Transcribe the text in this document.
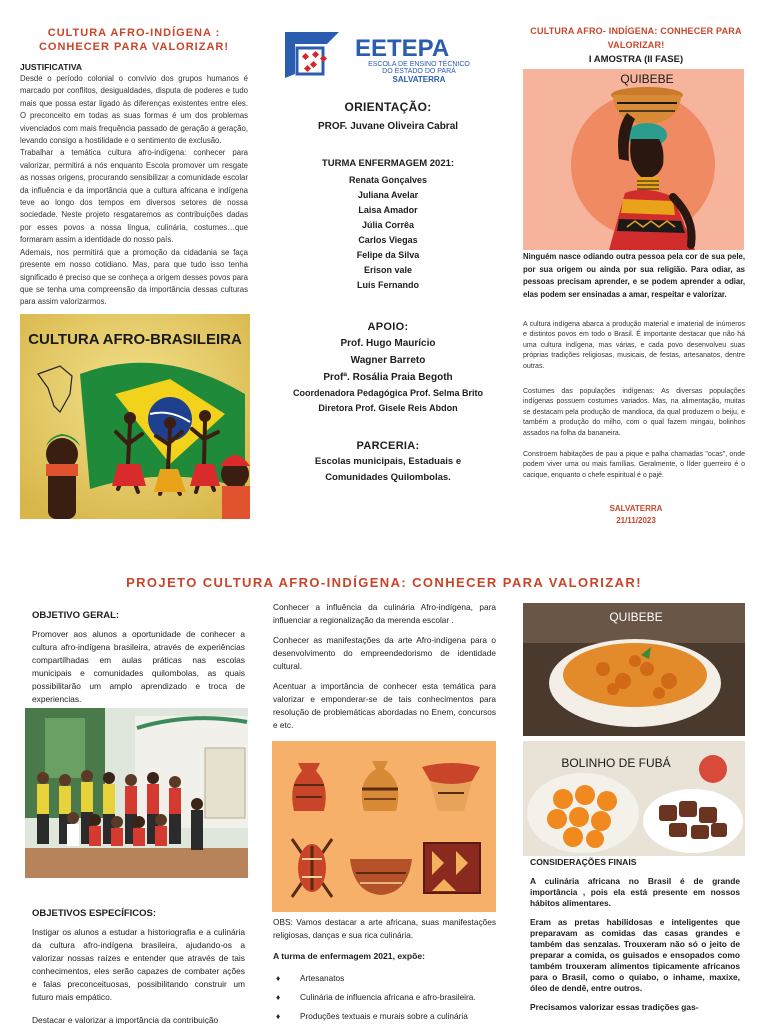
CULTURA AFRO-INDÍGENA : CONHECER PARA VALORIZAR!
JUSTIFICATIVA

Desde o período colonial o convívio dos grupos humanos é marcado por conflitos, desigualdades, disputa de poderes e tudo mais que possa estar ligado às diferenças existentes entre eles. O preconceito em todas as suas formas é um dos problemas vivenciados com mais frequência passado de geração a geração, levando consigo a hostilidade e o sentimento de exclusão.

Trabalhar a temática cultura afro-indígena: conhecer para valorizar, permitirá a nós enquanto Escola promover um resgate as nossas origens, procurando sensibilizar a comunidade escolar da influência e da importância que a cultura africana e indígena teve ao longo dos tempos em diversos setores de nossa sociedade. Neste projeto resgataremos as contribuições dadas por esses povos a nossa língua, culinária, costumes…que formaram assim a identidade do nosso país.

Ademais, nos permitirá que a promoção da cidadania se faça presente em nosso cotidiano. Mas, para que tudo isso tenha significado é preciso que se conheça a origem desses povos para que se tenha uma compreensão da importância dessas culturas para assim valorizarmos.

CULTURA AFRO-BRASILEIRA
EETEPA
ESCOLA DE ENSINO TÉCNICO
DO ESTADO DO PARÁ
SALVATERRA
ORIENTAÇÃO:
PROF. Juvane Oliveira Cabral
TURMA ENFERMAGEM 2021:
Renata Gonçalves
Juliana Avelar
Laisa Amador
Júlia Corrêa
Carlos Viegas
Felipe da Silva
Erison vale
Luís Fernando
APOIO:
Prof. Hugo Maurício
Wagner Barreto
Profª. Rosália Praia Begoth
Coordenadora Pedagógica Prof. Selma Brito
Diretora Prof. Gisele Reis Abdon
PARCERIA:
Escolas municipais, Estaduais e Comunidades Quilombolas.
CULTURA AFRO- INDÍGENA: CONHECER PARA VALORIZAR!
I AMOSTRA (II FASE)
QUIBEBE
Ninguém nasce odiando outra pessoa pela cor de sua pele, por sua origem ou ainda por sua religião. Para odiar, as pessoas precisam aprender, e se podem aprender a odiar, elas podem ser ensinadas a amar, respeitar e valorizar.
A cultura indígena abarca a produção material e imaterial de inúmeros e distintos povos em todo o Brasil. É importante destacar que não há uma cultura indígena, mas várias, e cada povo desenvolveu suas próprias tradições religiosas, musicais, de festas, artesanatos, dentre outras.
Costumes das populações indígenas: As diversas populações indígenas possuem costumes variados. Mas, na alimentação, muitas se destacam pela produção de mandioca, da qual produzem o beiju, e também a produção do milho, com o qual fazem mingau, bolinhos assados na folha da bananeira.
Constroem habitações de pau a pique e palha chamadas "ocas", onde podem viver uma ou mais famílias. Geralmente, o líder guerreiro é o cacique, enquanto o chefe espiritual é o pajé.
SALVATERRA
21/11/2023
PROJETO CULTURA AFRO-INDÍGENA: CONHECER PARA VALORIZAR!
OBJETIVO GERAL:
Promover aos alunos a oportunidade de conhecer a cultura afro-indígena brasileira, através de experiências compartilhadas em aulas práticas nas escolas municipais e comunidades quilombolas, as quais possibilitarão um amplo aprendizado e troca de experiencias.
OBJETIVOS ESPECÍFICOS:
Instigar os alunos a estudar a historiografia e a culinária da cultura afro-indígena brasileira, ajudando-os a valorizar nossas raízes e entender que através de tais conhecimentos, eles serão capazes de combater ações e falas preconceituosas, possibilitando construir um futuro mais empático.
Destacar e valorizar a importância da contribuição

Conhecer a influência da culinária Afro-indígena, para influenciar a regionalização da merenda escolar .

Conhecer as manifestações da arte Afro-indígena para o desenvolvimento do empreendedorismo de identidade cultural.

Acentuar a importância de conhecer esta temática para valorizar e emponderar-se de tais conhecimentos para resolução de problemáticas abordadas no Enem, concursos e etc.

OBS: Vamos destacar a arte africana, suas manifestações religiosas, danças e sua rica culinária.
A turma de enfermagem 2021, expõe:
♦	Artesanatos
♦	Culinária de influencia africana e afro-brasileira.
♦	Produções textuais e murais sobre a culinária
QUIBEBE
BOLINHO DE FUBÁ
CONSIDERAÇÕES FINAIS

A culinária africana no Brasil é de grande importância , pois ela está presente em nossos hábitos alimentares.

Eram as pretas habilidosas e inteligentes que preparavam as comidas das casas grandes e também das senzalas. Trouxeram não só o jeito de preparar a comida, os guisados e ensopados como também trouxeram alimentos tipicamente africanos para o Brasil, como o quiabo, o inhame, maxixe, óleo de dendê, entre outros.

Precisamos valorizar essas tradições gas-
